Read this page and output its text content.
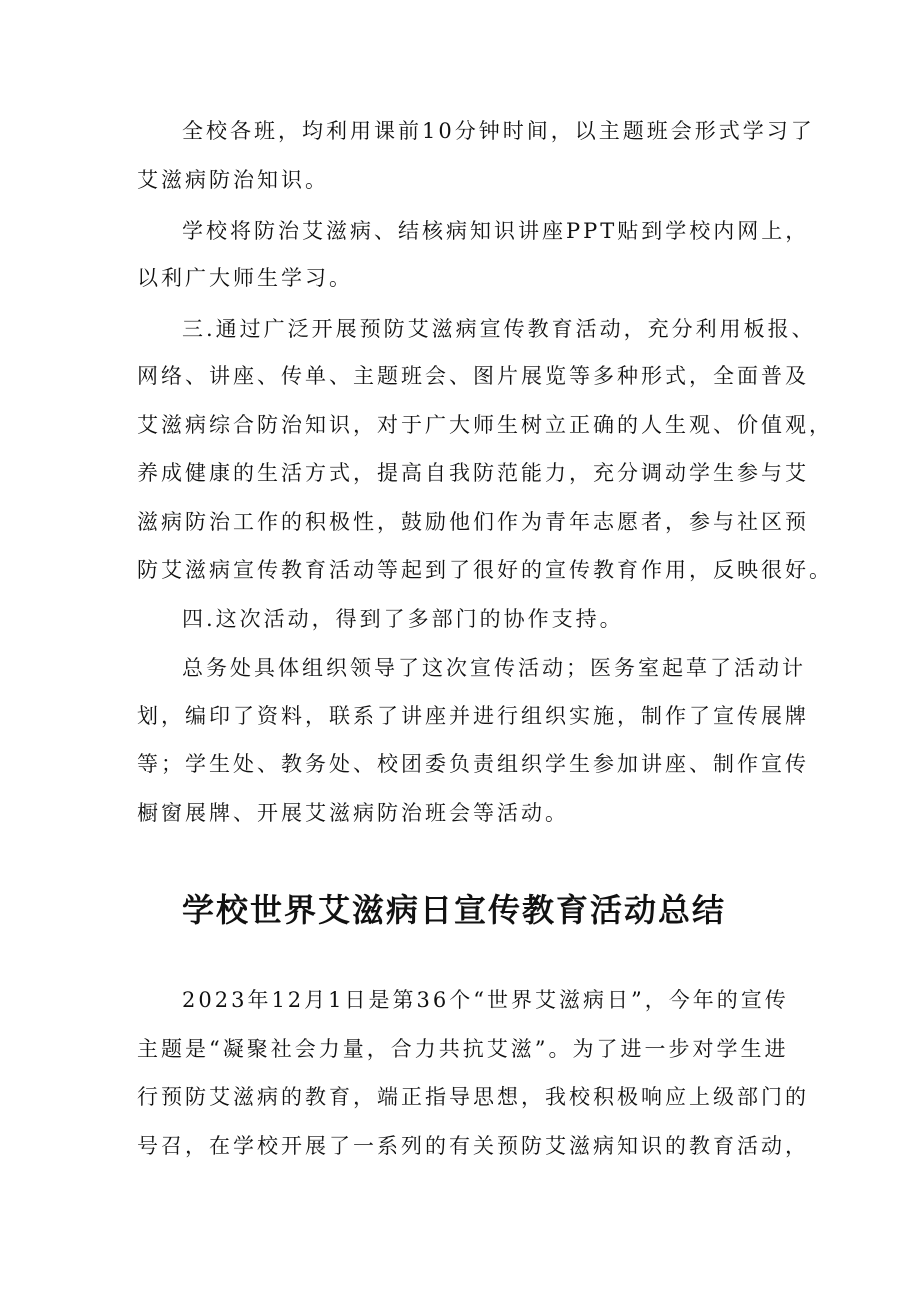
全校各班，均利用课前10分钟时间，以主题班会形式学习了
艾滋病防治知识。
学校将防治艾滋病、结核病知识讲座PPT贴到学校内网上，
以利广大师生学习。
三.通过广泛开展预防艾滋病宣传教育活动，充分利用板报、
网络、讲座、传单、主题班会、图片展览等多种形式，全面普及
艾滋病综合防治知识，对于广大师生树立正确的人生观、价值观，
养成健康的生活方式，提高自我防范能力，充分调动学生参与艾
滋病防治工作的积极性，鼓励他们作为青年志愿者，参与社区预
防艾滋病宣传教育活动等起到了很好的宣传教育作用，反映很好。
四.这次活动，得到了多部门的协作支持。
总务处具体组织领导了这次宣传活动；医务室起草了活动计
划，编印了资料，联系了讲座并进行组织实施，制作了宣传展牌
等；学生处、教务处、校团委负责组织学生参加讲座、制作宣传
橱窗展牌、开展艾滋病防治班会等活动。
学校世界艾滋病日宣传教育活动总结
2023年12月1日是第36个“世界艾滋病日”，今年的宣传
主题是“凝聚社会力量，合力共抗艾滋”。为了进一步对学生进
行预防艾滋病的教育，端正指导思想，我校积极响应上级部门的
号召，在学校开展了一系列的有关预防艾滋病知识的教育活动，
